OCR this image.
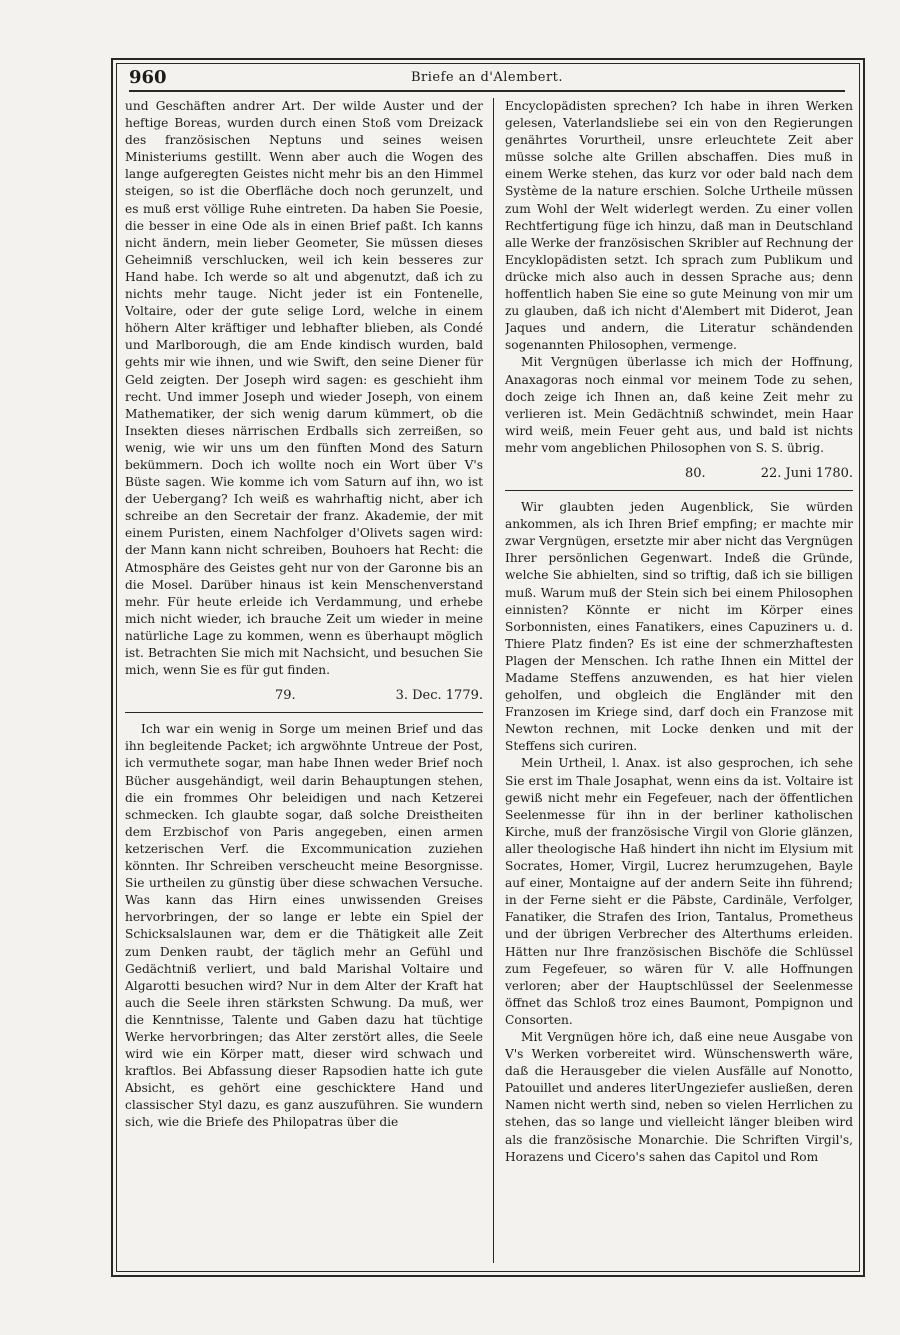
960	Briefe an d'Alembert.

und Geschäften andrer Art. Der wilde Auster und der heftige Boreas, wurden durch einen Stoß vom Dreizack des französischen Neptuns und seines weisen Ministeriums gestillt. Wenn aber auch die Wogen des lange aufgeregten Geistes nicht mehr bis an den Himmel steigen, so ist die Oberfläche doch noch gerunzelt, und es muß erst völlige Ruhe eintreten. Da haben Sie Poesie, die besser in eine Ode als in einen Brief paßt. Ich kanns nicht ändern, mein lieber Geometer, Sie müssen dieses Geheimniß verschlucken, weil ich kein besseres zur Hand habe. Ich werde so alt und abgenutzt, daß ich zu nichts mehr tauge. Nicht jeder ist ein Fontenelle, Voltaire, oder der gute selige Lord, welche in einem höhern Alter kräftiger und lebhafter blieben, als Condé und Marlborough, die am Ende kindisch wurden, bald gehts mir wie ihnen, und wie Swift, den seine Diener für Geld zeigten. Der Joseph wird sagen: es geschieht ihm recht. Und immer Joseph und wieder Joseph, von einem Mathematiker, der sich wenig darum kümmert, ob die Insekten dieses närrischen Erdballs sich zerreißen, so wenig, wie wir uns um den fünften Mond des Saturn bekümmern. Doch ich wollte noch ein Wort über V's Büste sagen. Wie komme ich vom Saturn auf ihn, wo ist der Uebergang? Ich weiß es wahrhaftig nicht, aber ich schreibe an den Secretair der franz. Akademie, der mit einem Puristen, einem Nachfolger d'Olivets sagen wird: der Mann kann nicht schreiben, Bouhoers hat Recht: die Atmosphäre des Geistes geht nur von der Garonne bis an die Mosel. Darüber hinaus ist kein Menschenverstand mehr. Für heute erleide ich Verdammung, und erhebe mich nicht wieder, ich brauche Zeit um wieder in meine natürliche Lage zu kommen, wenn es überhaupt möglich ist. Betrachten Sie mich mit Nachsicht, und besuchen Sie mich, wenn Sie es für gut finden.

79.	3. Dec. 1779.

Ich war ein wenig in Sorge um meinen Brief und das ihn begleitende Packet; ich argwöhnte Untreue der Post, ich vermuthete sogar, man habe Ihnen weder Brief noch Bücher ausgehändigt, weil darin Behauptungen stehen, die ein frommes Ohr beleidigen und nach Ketzerei schmecken. Ich glaubte sogar, daß solche Dreistheiten dem Erzbischof von Paris angegeben, einen armen ketzerischen Verf. die Excommunication zuziehen könnten. Ihr Schreiben verscheucht meine Besorgnisse. Sie urtheilen zu günstig über diese schwachen Versuche. Was kann das Hirn eines unwissenden Greises hervorbringen, der so lange er lebte ein Spiel der Schicksalslaunen war, dem er die Thätigkeit alle Zeit zum Denken raubt, der täglich mehr an Gefühl und Gedächtniß verliert, und bald Marishal Voltaire und Algarotti besuchen wird? Nur in dem Alter der Kraft hat auch die Seele ihren stärksten Schwung. Da muß, wer die Kenntnisse, Talente und Gaben dazu hat tüchtige Werke hervorbringen; das Alter zerstört alles, die Seele wird wie ein Körper matt, dieser wird schwach und kraftlos. Bei Abfassung dieser Rapsodien hatte ich gute Absicht, es gehört eine geschicktere Hand und classischer Styl dazu, es ganz auszuführen. Sie wundern sich, wie die Briefe des Philopatras über die

Encyclopädisten sprechen? Ich habe in ihren Werken gelesen, Vaterlandsliebe sei ein von den Regierungen genährtes Vorurtheil, unsre erleuchtete Zeit aber müsse solche alte Grillen abschaffen. Dies muß in einem Werke stehen, das kurz vor oder bald nach dem Système de la nature erschien. Solche Urtheile müssen zum Wohl der Welt widerlegt werden. Zu einer vollen Rechtfertigung füge ich hinzu, daß man in Deutschland alle Werke der französischen Skribler auf Rechnung der Encyklopädisten setzt. Ich sprach zum Publikum und drücke mich also auch in dessen Sprache aus; denn hoffentlich haben Sie eine so gute Meinung von mir um zu glauben, daß ich nicht d'Alembert mit Diderot, Jean Jaques und andern, die Literatur schändenden sogenannten Philosophen, vermenge.

Mit Vergnügen überlasse ich mich der Hoffnung, Anaxagoras noch einmal vor meinem Tode zu sehen, doch zeige ich Ihnen an, daß keine Zeit mehr zu verlieren ist. Mein Gedächtniß schwindet, mein Haar wird weiß, mein Feuer geht aus, und bald ist nichts mehr vom angeblichen Philosophen von S. S. übrig.

80.	22. Juni 1780.

Wir glaubten jeden Augenblick, Sie würden ankommen, als ich Ihren Brief empfing; er machte mir zwar Vergnügen, ersetzte mir aber nicht das Vergnügen Ihrer persönlichen Gegenwart. Indeß die Gründe, welche Sie abhielten, sind so triftig, daß ich sie billigen muß. Warum muß der Stein sich bei einem Philosophen einnisten? Könnte er nicht im Körper eines Sorbonnisten, eines Fanatikers, eines Capuziners u. d. Thiere Platz finden? Es ist eine der schmerzhaftesten Plagen der Menschen. Ich rathe Ihnen ein Mittel der Madame Steffens anzuwenden, es hat hier vielen geholfen, und obgleich die Engländer mit den Franzosen im Kriege sind, darf doch ein Franzose mit Newton rechnen, mit Locke denken und mit der Steffens sich curiren.

Mein Urtheil, l. Anax. ist also gesprochen, ich sehe Sie erst im Thale Josaphat, wenn eins da ist. Voltaire ist gewiß nicht mehr ein Fegefeuer, nach der öffentlichen Seelenmesse für ihn in der berliner katholischen Kirche, muß der französische Virgil von Glorie glänzen, aller theologische Haß hindert ihn nicht im Elysium mit Socrates, Homer, Virgil, Lucrez herumzugehen, Bayle auf einer, Montaigne auf der andern Seite ihn führend; in der Ferne sieht er die Päbste, Cardinäle, Verfolger, Fanatiker, die Strafen des Irion, Tantalus, Prometheus und der übrigen Verbrecher des Alterthums erleiden. Hätten nur Ihre französischen Bischöfe die Schlüssel zum Fegefeuer, so wären für V. alle Hoffnungen verloren; aber der Hauptschlüssel der Seelenmesse öffnet das Schloß troz eines Baumont, Pompignon und Consorten.

Mit Vergnügen höre ich, daß eine neue Ausgabe von V's Werken vorbereitet wird. Wünschenswerth wäre, daß die Herausgeber die vielen Ausfälle auf Nonotto, Patouillet und anderes literUngeziefer ausließen, deren Namen nicht werth sind, neben so vielen Herrlichen zu stehen, das so lange und vielleicht länger bleiben wird als die französische Monarchie. Die Schriften Virgil's, Horazens und Cicero's sahen das Capitol und Rom
